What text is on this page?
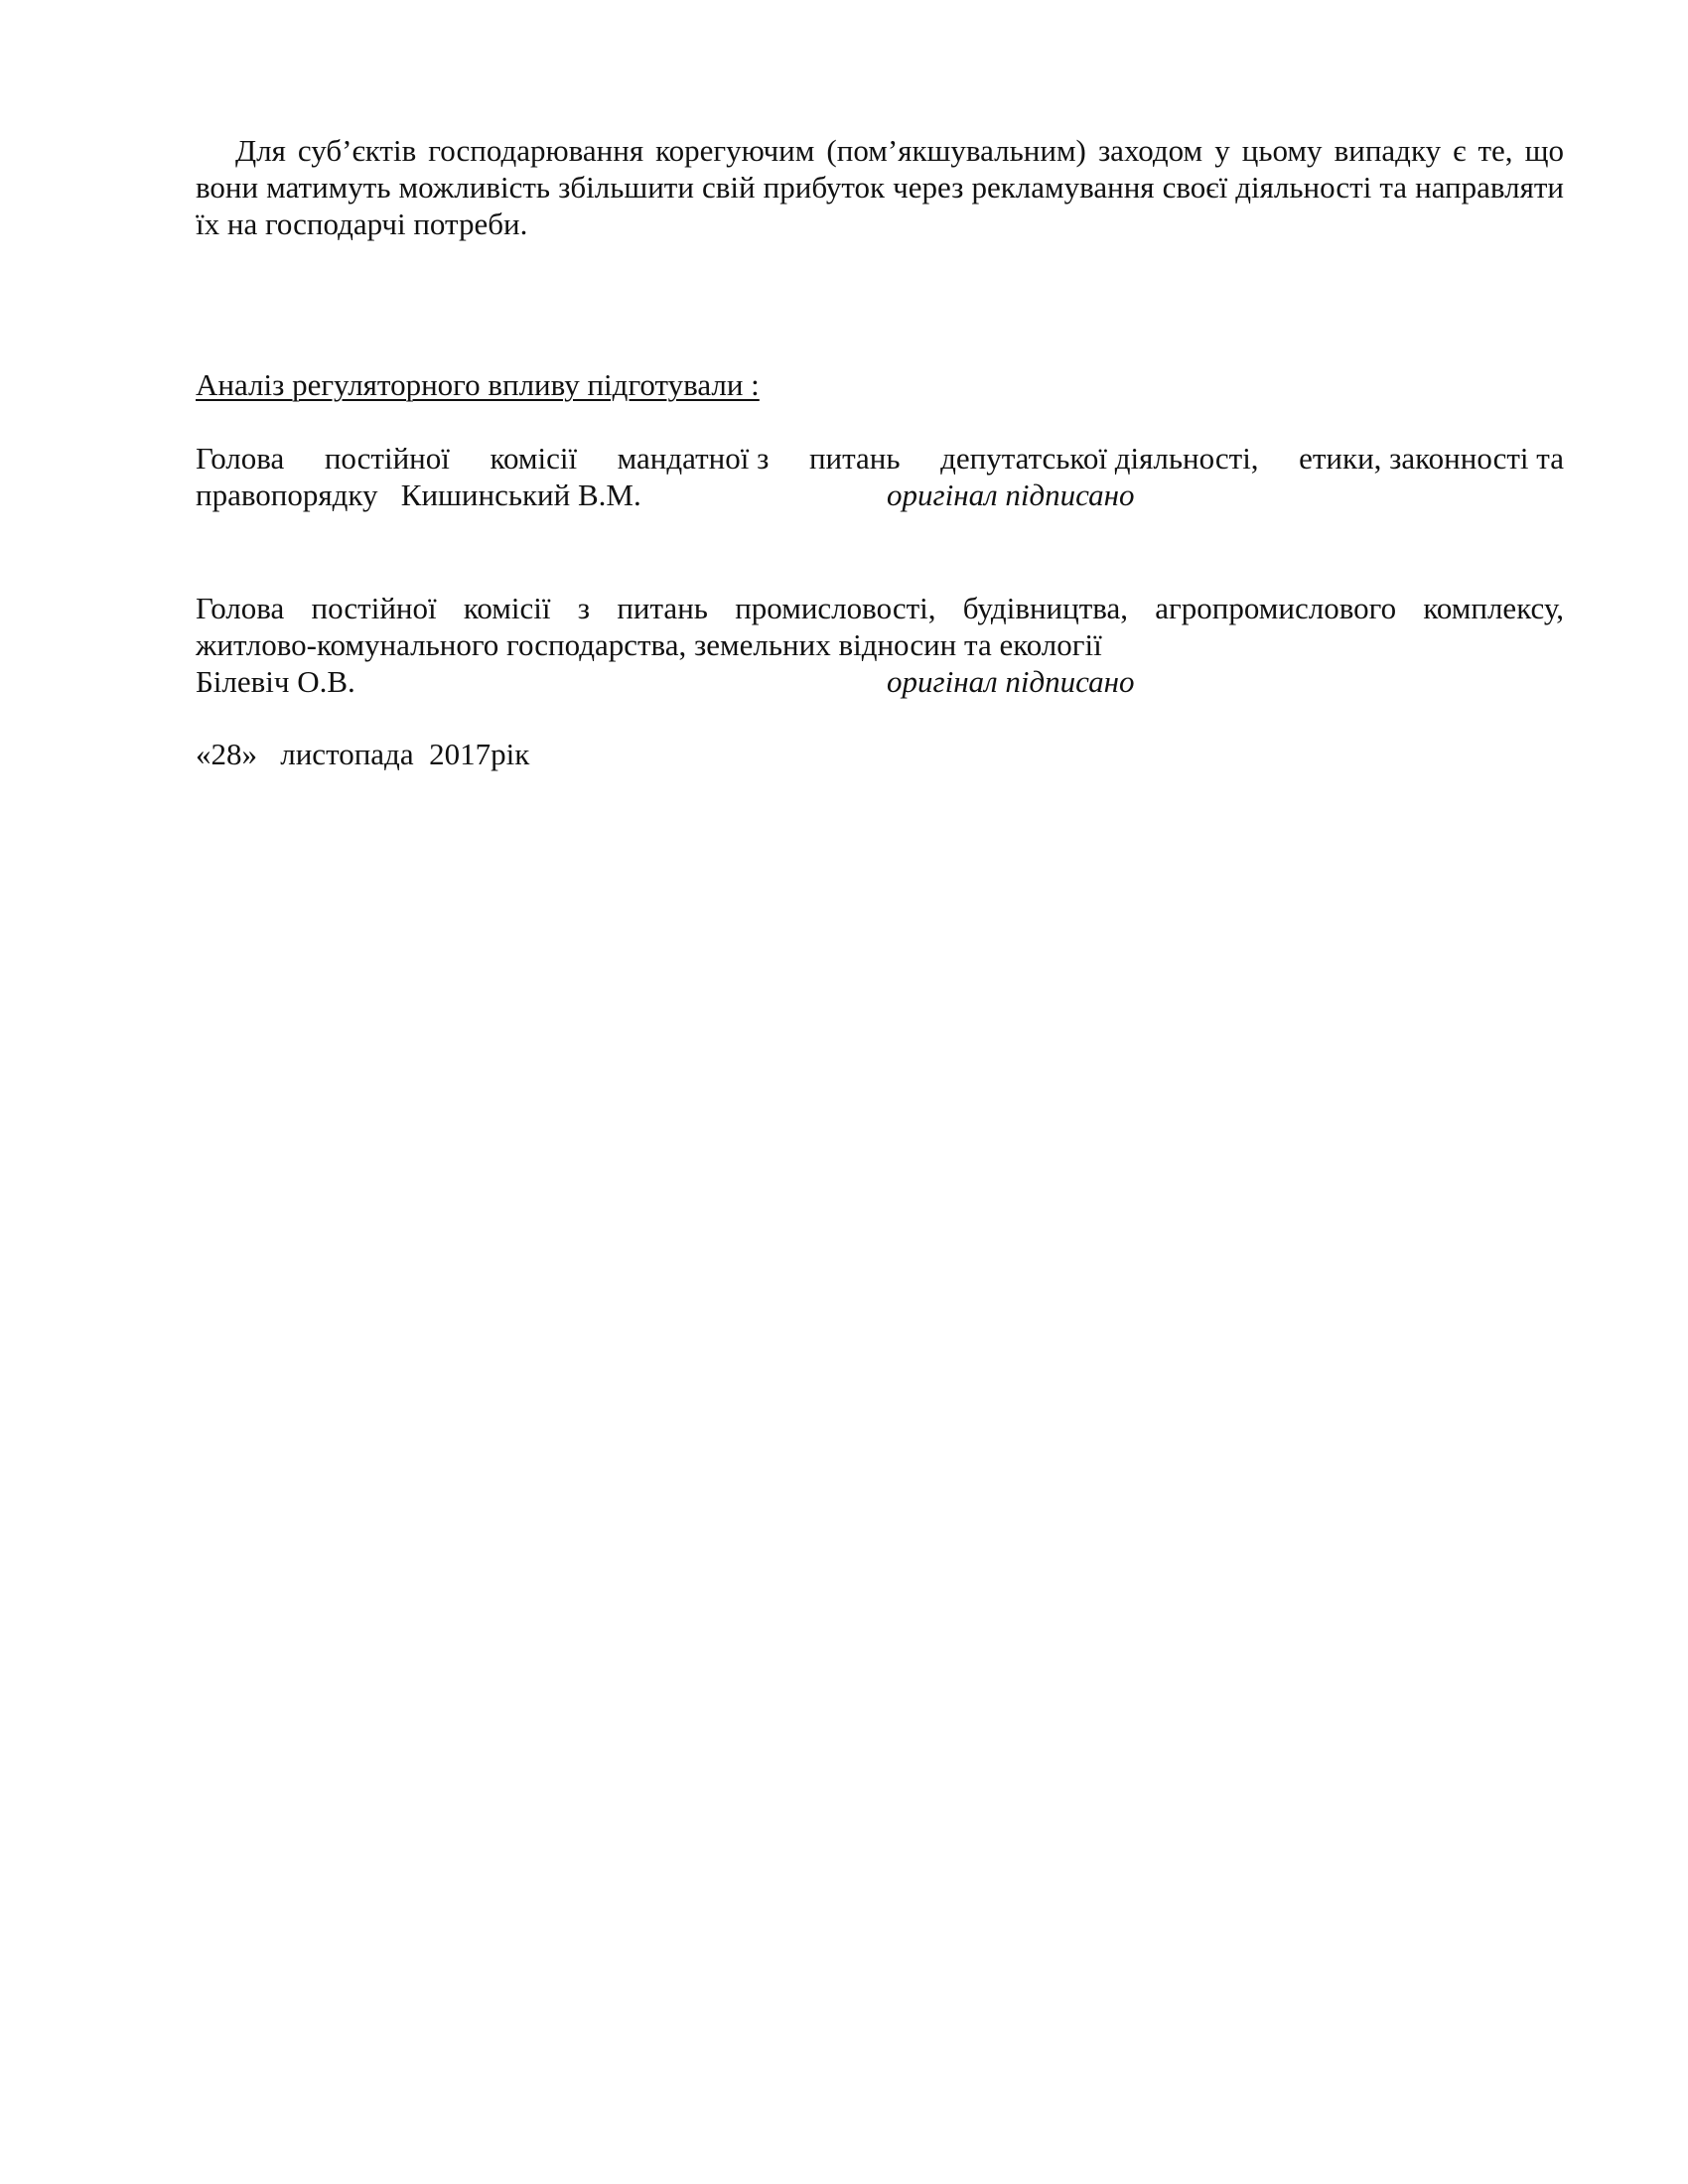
Для суб’єктів господарювання корегуючим (пом’якшувальним) заходом у цьому випадку є те, що вони матимуть можливість збільшити свій прибуток через рекламування своєї діяльності та направляти їх на господарчі потреби.

Аналіз регуляторного впливу підготували :

Голова постійної комісії мандатної з питань депутатської діяльності, етики, законності та
правопорядку   Кишинський В.М.	оригінал підписано
Голова постійної комісії з питань промисловості, будівництва, агропромислового комплексу,
житлово-комунального господарства, земельних відносин та екології
Білевіч О.В.	оригінал підписано
«28»   листопада  2017рік
